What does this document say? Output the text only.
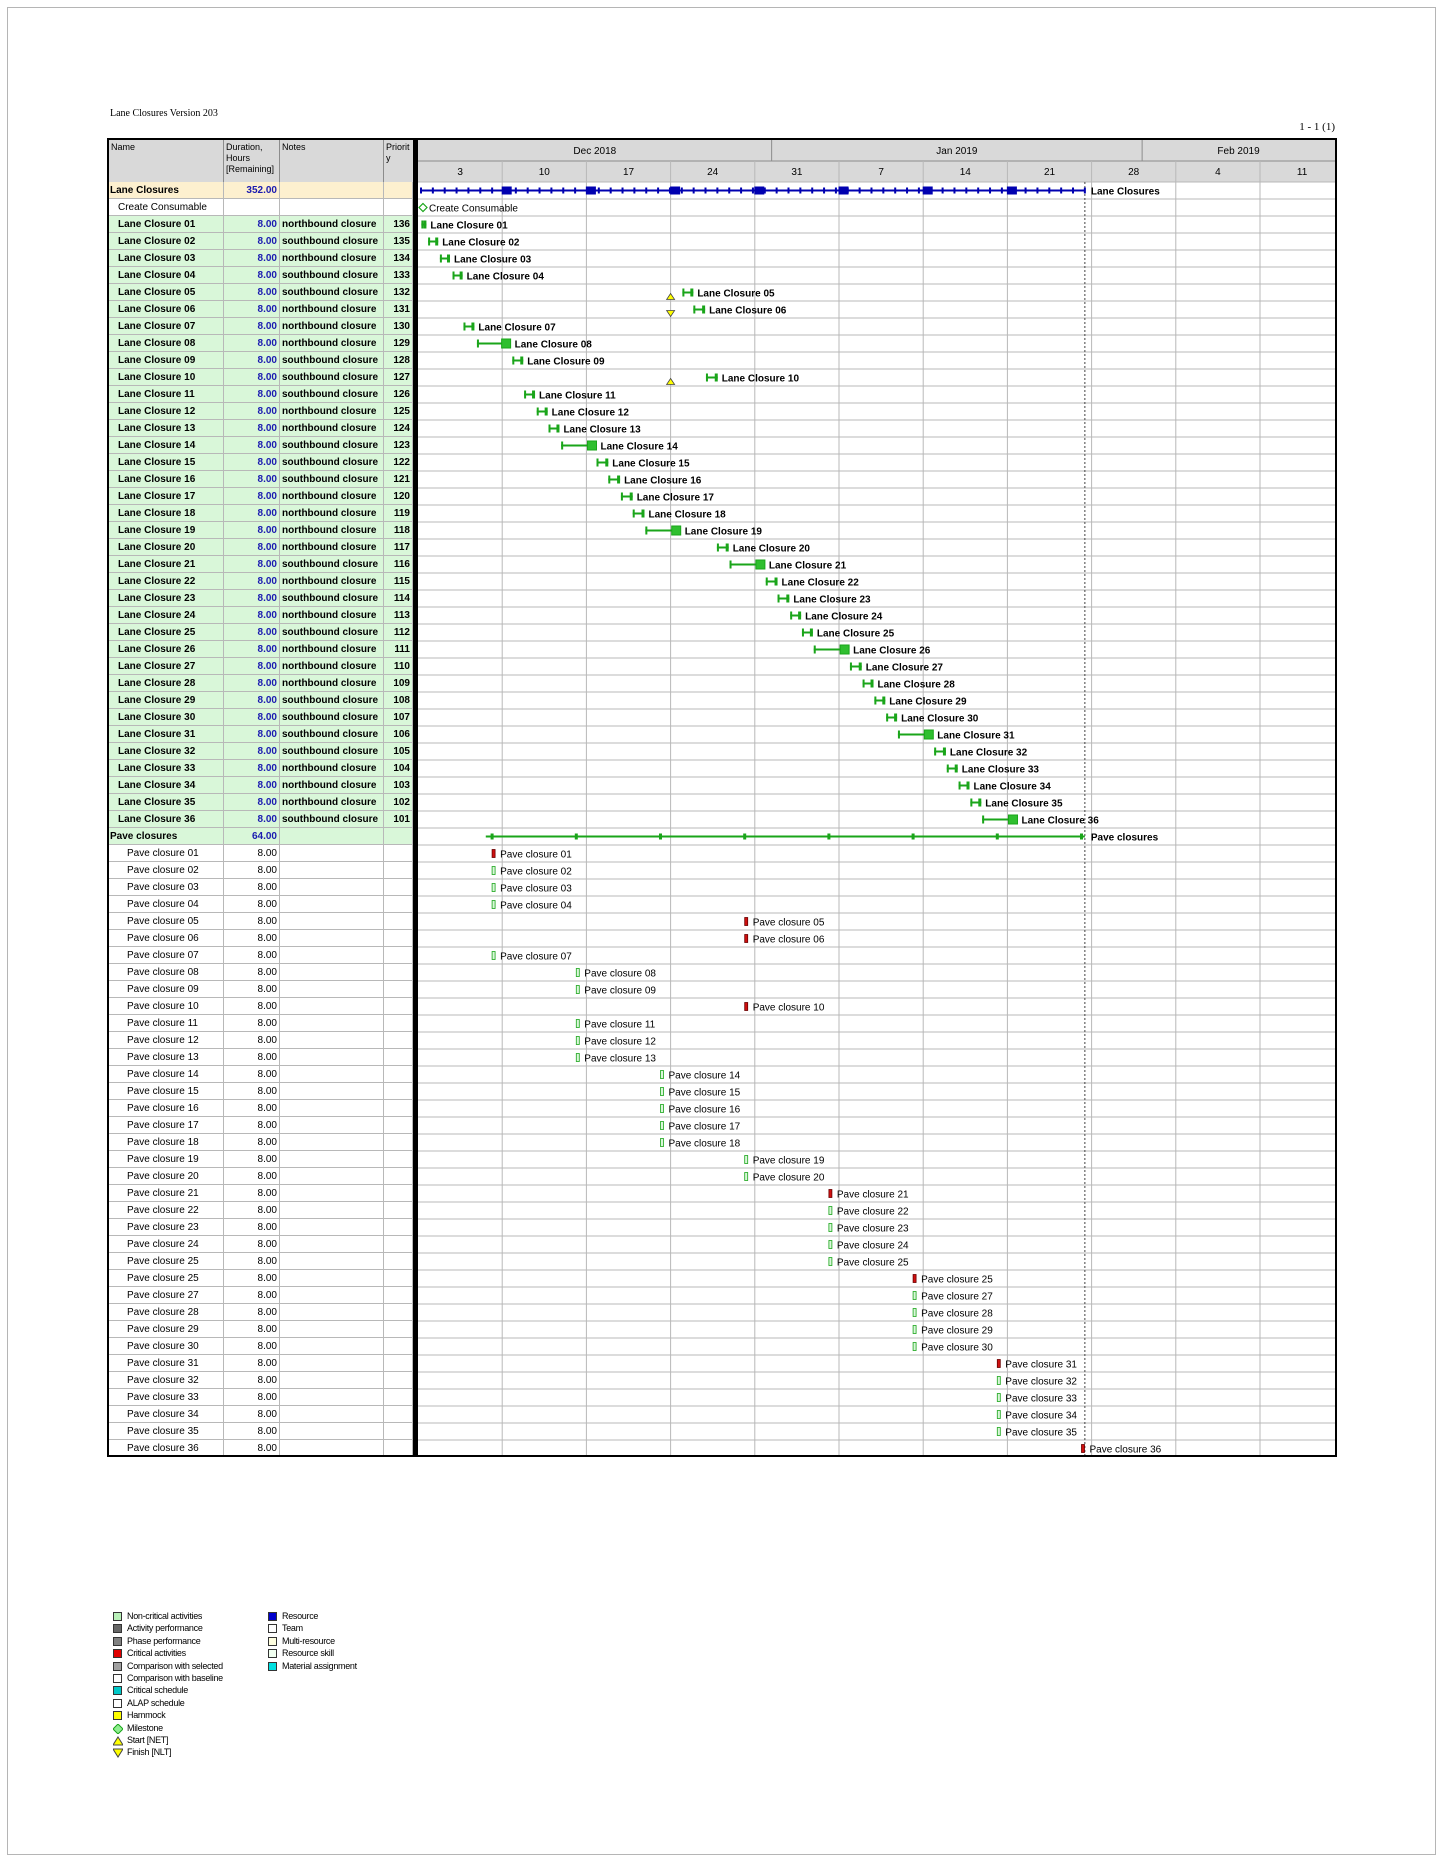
Lane Closures Version 203
1 - 1 (1)
Name	Duration,
Hours
[Remaining]
Notes	Priorit
y
Lane Closures	352.00
Create Consumable
Lane Closure 01	8.00 northbound closure	136
Lane Closure 02	8.00 southbound closure	135
Lane Closure 03	8.00 northbound closure	134
Lane Closure 04	8.00 southbound closure	133
Lane Closure 05	8.00 southbound closure	132
Lane Closure 06	8.00 northbound closure	131
Lane Closure 07	8.00 northbound closure	130
Lane Closure 08	8.00 northbound closure	129
Lane Closure 09	8.00 southbound closure	128
Lane Closure 10	8.00 southbound closure	127
Lane Closure 11	8.00 southbound closure	126
Lane Closure 12	8.00 northbound closure	125
Lane Closure 13	8.00 northbound closure	124
Lane Closure 14	8.00 southbound closure	123
Lane Closure 15	8.00 southbound closure	122
Lane Closure 16	8.00 southbound closure	121
Lane Closure 17	8.00 northbound closure	120
Lane Closure 18	8.00 northbound closure	119
Lane Closure 19	8.00 northbound closure	118
Lane Closure 20	8.00 northbound closure	117
Lane Closure 21	8.00 southbound closure	116
Lane Closure 22	8.00 northbound closure	115
Lane Closure 23	8.00 southbound closure	114
Lane Closure 24	8.00 northbound closure	113
Lane Closure 25	8.00 southbound closure	112
Lane Closure 26	8.00 northbound closure	111
Lane Closure 27	8.00 northbound closure	110
Lane Closure 28	8.00 northbound closure	109
Lane Closure 29	8.00 southbound closure	108
Lane Closure 30	8.00 southbound closure	107
Lane Closure 31	8.00 southbound closure	106
Lane Closure 32	8.00 southbound closure	105
Lane Closure 33	8.00 northbound closure	104
Lane Closure 34	8.00 northbound closure	103
Lane Closure 35	8.00 northbound closure	102
Lane Closure 36	8.00 southbound closure	101
Pave closures	64.00
Pave closure 01	8.00
Pave closure 02	8.00
Pave closure 03	8.00
Pave closure 04	8.00
Pave closure 05	8.00
Pave closure 06	8.00
Pave closure 07	8.00
Pave closure 08	8.00
Pave closure 09	8.00
Pave closure 10	8.00
Pave closure 11	8.00
Pave closure 12	8.00
Pave closure 13	8.00
Pave closure 14	8.00
Pave closure 15	8.00
Pave closure 16	8.00
Pave closure 17	8.00
Pave closure 18	8.00
Pave closure 19	8.00
Pave closure 20	8.00
Pave closure 21	8.00
Pave closure 22	8.00
Pave closure 23	8.00
Pave closure 24	8.00
Pave closure 25	8.00
Pave closure 25	8.00
Pave closure 27	8.00
Pave closure 28	8.00
Pave closure 29	8.00
Pave closure 30	8.00
Pave closure 31	8.00
Pave closure 32	8.00
Pave closure 33	8.00
Pave closure 34	8.00
Pave closure 35	8.00
Pave closure 36	8.00
Dec 2018	Jan 2019	Feb 2019
3	10	17	24	31	7	14	21	28	4	11
Lane Closures
Create Consumable
Lane Closure 01
Lane Closure 02
Lane Closure 03
Lane Closure 04
Lane Closure 05
Lane Closure 06
Lane Closure 07
Lane Closure 08
Lane Closure 09
Lane Closure 10
Lane Closure 11
Lane Closure 12
Lane Closure 13
Lane Closure 14
Lane Closure 15
Lane Closure 16
Lane Closure 17
Lane Closure 18
Lane Closure 19
Lane Closure 20
Lane Closure 21
Lane Closure 22
Lane Closure 23
Lane Closure 24
Lane Closure 25
Lane Closure 26
Lane Closure 27
Lane Closure 28
Lane Closure 29
Lane Closure 30
Lane Closure 31
Lane Closure 32
Lane Closure 33
Lane Closure 34
Lane Closure 35
Lane Closure 36
Pave closures
Pave closure 01
Pave closure 02
Pave closure 03
Pave closure 04
Pave closure 05
Pave closure 06
Pave closure 07
Pave closure 08
Pave closure 09
Pave closure 10
Pave closure 11
Pave closure 12
Pave closure 13
Pave closure 14
Pave closure 15
Pave closure 16
Pave closure 17
Pave closure 18
Pave closure 19
Pave closure 20
Pave closure 21
Pave closure 22
Pave closure 23
Pave closure 24
Pave closure 25
Pave closure 25
Pave closure 27
Pave closure 28
Pave closure 29
Pave closure 30
Pave closure 31
Pave closure 32
Pave closure 33
Pave closure 34
Pave closure 35
Pave closure 36
Non-critical activities
Activity performance
Phase performance
Critical activities
Comparison with selected
Comparison with baseline
Critical schedule
ALAP schedule
Hammock
Milestone
Start [NET]
Finish [NLT]
Resource
Team
Multi-resource
Resource skill
Material assignment
